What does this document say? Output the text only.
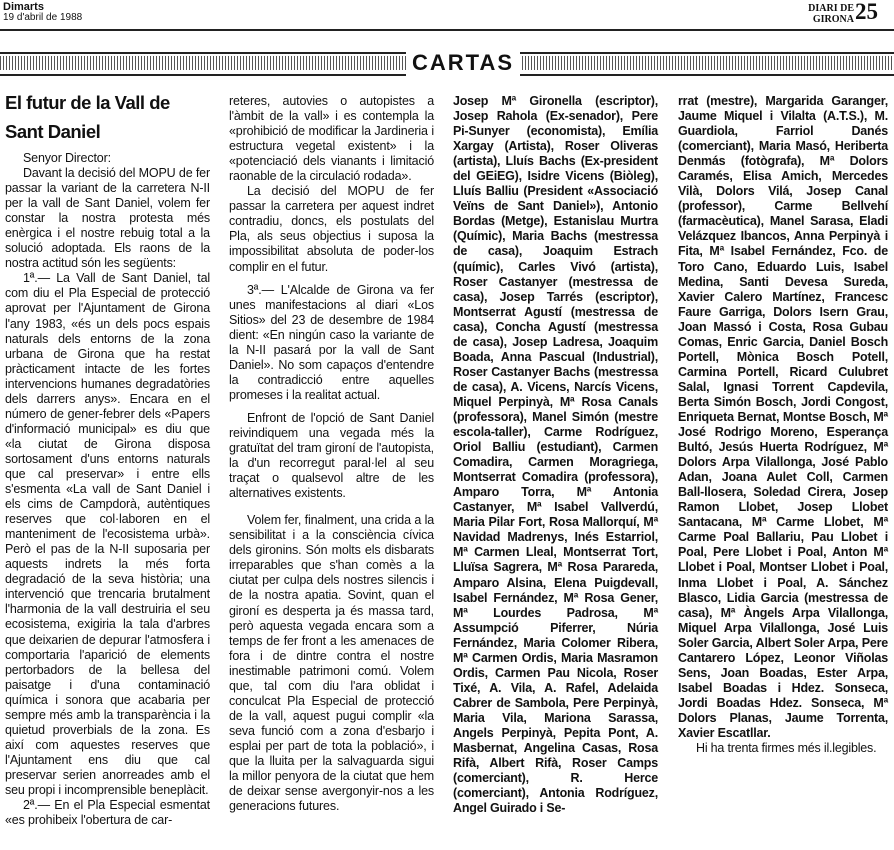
Dimarts
19 d'abril de 1988
DIARI DE
GIRONA 25
CARTAS
El futur de la Vall de
Sant Daniel

Senyor Director:

Davant la decisió del MOPU de fer passar la variant de la carretera N-II per la vall de Sant Daniel, volem fer constar la nostra protesta més enèrgica i el nostre rebuig total a la solució adoptada. Els raons de la nostra actitud són les següents:

1ª.— La Vall de Sant Daniel, tal com diu el Pla Especial de protecció aprovat per l'Ajuntament de Girona l'any 1983, «és un dels pocs espais naturals dels entorns de la zona urbana de Girona que ha restat pràcticament intacte de les fortes intervencions humanes degradatòries dels darrers anys». Encara en el número de gener-febrer dels «Papers d'informació municipal» es diu que «la ciutat de Girona disposa sortosament d'uns entorns naturals que cal preservar» i entre ells s'esmenta «La vall de Sant Daniel i els cims de Campdorà, autèntiques reserves que col·laboren en el manteniment de l'ecosistema urbà». Però el pas de la N-II suposaria per aquests indrets la més forta degradació de la seva història; una intervenció que trencaria brutalment l'harmonia de la vall destruiria el seu ecosistema, exigiria la tala d'arbres que deixarien de depurar l'atmosfera i comportaria l'aparició de elements pertorbadors de la bellesa del paisatge i d'una contaminació química i sonora que acabaria per sempre més amb la transparència i la quietud proverbials de la zona. Es així com aquestes reserves que l'Ajuntament ens diu que cal preservar serien anorreades amb el seu propi i incomprensible beneplàcit.

2ª.— En el Pla Especial esmentat «es prohibeix l'obertura de car-

reteres, autovies o autopistes a l'àmbit de la vall» i es contempla la «prohibició de modificar la Jardineria i estructura vegetal existent» i la «potenciació dels vianants i limitació raonable de la circulació rodada».

La decisió del MOPU de fer passar la carretera per aquest indret contradiu, doncs, els postulats del Pla, als seus objectius i suposa la impossibilitat absoluta de poder-los complir en el futur.

3ª.— L'Alcalde de Girona va fer unes manifestacions al diari «Los Sitios» del 23 de desembre de 1984 dient: «En ningún caso la variante de la N-II pasará por la vall de Sant Daniel». No som capaços d'entendre la contradicció entre aquelles promeses i la realitat actual.

Enfront de l'opció de Sant Daniel reivindiquem una vegada més la gratuïtat del tram gironí de l'autopista, la d'un recorregut paral·lel al seu traçat o qualsevol altre de les alternatives existents.

Volem fer, finalment, una crida a la sensibilitat i a la consciència cívica dels gironins. Són molts els disbarats irreparables que s'han comès a la ciutat per culpa dels nostres silencis i de la nostra apatia. Sovint, quan el gironí es desperta ja és massa tard, però aquesta vegada encara som a temps de fer front a les amenaces de fora i de dintre contra el nostre inestimable patrimoni comú. Volem que, tal com diu l'ara oblidat i conculcat Pla Especial de protecció de la vall, aquest pugui complir «la seva funció com a zona d'esbarjo i esplai per part de tota la població», i que la lluita per la salvaguarda sigui la millor penyora de la ciutat que hem de deixar sense avergonyir-nos a les generacions futures.

Josep Mª Gironella (escriptor), Josep Rahola (Ex-senador), Pere Pi-Sunyer (economista), Emília Xargay (Artista), Roser Oliveras (artista), Lluís Bachs (Ex-president del GEiEG), Isidre Vicens (Biòleg), Lluís Balliu (President «Associació Veïns de Sant Daniel»), Antonio Bordas (Metge), Estanislau Murtra (Químic), Maria Bachs (mestressa de casa), Joaquim Estrach (químic), Carles Vivó (artista), Roser Castanyer (mestressa de casa), Josep Tarrés (escriptor), Montserrat Agustí (mestressa de casa), Concha Agustí (mestressa de casa), Josep Ladresa, Joaquim Boada, Anna Pascual (Industrial), Roser Castanyer Bachs (mestressa de casa), A. Vicens, Narcís Vicens, Miquel Perpinyà, Mª Rosa Canals (professora), Manel Simón (mestre escola-taller), Carme Rodríguez, Oriol Balliu (estudiant), Carmen Comadira, Carmen Moragriega, Montserrat Comadira (professora), Amparo Torra, Mª Antonia Castanyer, Mª Isabel Vallverdú, Maria Pilar Fort, Rosa Mallorquí, Mª Navidad Madrenys, Inés Estarriol, Mª Carmen Lleal, Montserrat Tort, Lluïsa Sagrera, Mª Rosa Parareda, Amparo Alsina, Elena Puigdevall, Isabel Fernández, Mª Rosa Gener, Mª Lourdes Padrosa, Mª Assumpció Piferrer, Núria Fernández, Maria Colomer Ribera, Mª Carmen Ordis, Maria Masramon Ordis, Carmen Pau Nicola, Roser Tixé, A. Vila, A. Rafel, Adelaida Cabrer de Sambola, Pere Perpinyà, Maria Vila, Mariona Sarassa, Angels Perpinyà, Pepita Pont, A. Masbernat, Angelina Casas, Rosa Rifà, Albert Rifà, Roser Camps (comerciant), R. Herce (comerciant), Antonia Rodríguez, Angel Guirado i Se-

rrat (mestre), Margarida Garanger, Jaume Miquel i Vilalta (A.T.S.), M. Guardiola, Farriol Danés (comerciant), Maria Masó, Heriberta Denmás (fotògrafa), Mª Dolors Caramés, Elisa Amich, Mercedes Vilà, Dolors Vilá, Josep Canal (professor), Carme Bellvehí (farmacèutica), Manel Sarasa, Eladi Velázquez Ibancos, Anna Perpinyà i Fita, Mª Isabel Fernández, Fco. de Toro Cano, Eduardo Luis, Isabel Medina, Santi Devesa Sureda, Xavier Calero Martínez, Francesc Faure Garriga, Dolors Isern Grau, Joan Massó i Costa, Rosa Gubau Comas, Enric Garcia, Daniel Bosch Portell, Mònica Bosch Potell, Carmina Portell, Ricard Culubret Salal, Ignasi Torrent Capdevila, Berta Simón Bosch, Jordi Congost, Enriqueta Bernat, Montse Bosch, Mª José Rodrigo Moreno, Esperança Bultó, Jesús Huerta Rodríguez, Mª Dolors Arpa Vilallonga, José Pablo Adan, Joana Aulet Coll, Carmen Ball-llosera, Soledad Cirera, Josep Ramon Llobet, Josep Llobet Santacana, Mª Carme Llobet, Mª Carme Poal Ballariu, Pau Llobet i Poal, Pere Llobet i Poal, Anton Mª Llobet i Poal, Montser Llobet i Poal, Inma Llobet i Poal, A. Sánchez Blasco, Lidia Garcia (mestressa de casa), Mª Àngels Arpa Vilallonga, Miquel Arpa Vilallonga, José Luis Soler Garcia, Albert Soler Arpa, Pere Cantarero López, Leonor Viñolas Sens, Joan Boadas, Ester Arpa, Isabel Boadas i Hdez. Sonseca, Jordi Boadas Hdez. Sonseca, Mª Dolors Planas, Jaume Torrenta, Xavier Escatllar.

Hi ha trenta firmes més il.legibles.
